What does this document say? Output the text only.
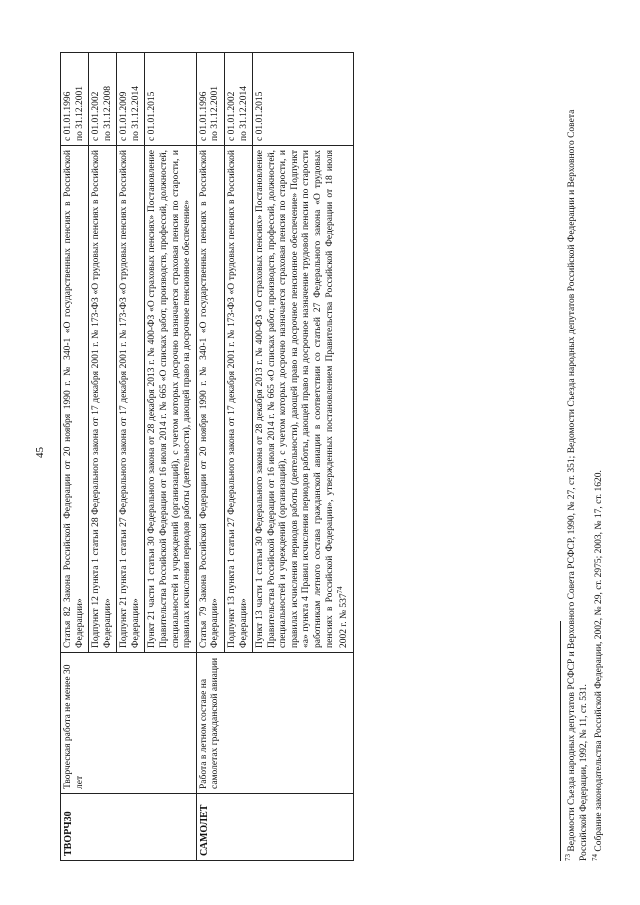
45
ТВОРЧ30	Творческая работа не менее 30 лет	Статья 82 Закона Российской Федерации от 20 ноября 1990 г. № 340-1 «О государственных пенсиях в Российской Федерации»	с 01.01.1996 по 31.12.2001

		Подпункт 12 пункта 1 статьи 28 Федерального закона от 17 декабря 2001 г. № 173-ФЗ «О трудовых пенсиях в Российской Федерации»	с 01.01.2002 по 31.12.2008

		Подпункт 21 пункта 1 статьи 27 Федерального закона от 17 декабря 2001 г. № 173-ФЗ «О трудовых пенсиях в Российской Федерации»	с 01.01.2009 по 31.12.2014

		Пункт 21 части 1 статьи 30 Федерального закона от 28 декабря 2013 г. № 400-ФЗ «О страховых пенсиях» Постановление Правительства Российской Федерации от 16 июля 2014 г. № 665 «О списках работ, производств, профессий, должностей, специальностей и учреждений (организаций), с учетом которых досрочно назначается страховая пенсия по старости, и правилах исчисления периодов работы (деятельности), дающей право на досрочное пенсионное обеспечение»	с 01.01.2015

САМОЛЕТ	Работа в летном составе на самолетах гражданской авиации	Статья 79 Закона Российской Федерации от 20 ноября 1990 г. № 340-1 «О государственных пенсиях в Российской Федерации»	с 01.01.1996 по 31.12.2001

		Подпункт 13 пункта 1 статьи 27 Федерального закона от 17 декабря 2001 г. № 173-ФЗ «О трудовых пенсиях в Российской Федерации»	с 01.01.2002 по 31.12.2014

		Пункт 13 части 1 статьи 30 Федерального закона от 28 декабря 2013 г. № 400-ФЗ «О страховых пенсиях» Постановление Правительства Российской Федерации от 16 июля 2014 г. № 665 «О списках работ, производств, профессий, должностей, специальностей и учреждений (организаций), с учетом которых досрочно назначается страховая пенсия по старости, и правилах исчисления периодов работы (деятельности), дающей право на досрочное пенсионное обеспечение» Подпункт «а» пункта 4 Правил исчисления периодов работы, дающей право на досрочное назначение трудовой пенсии по старости работникам летного состава гражданской авиации в соответствии со статьей 27 Федерального закона «О трудовых пенсиях в Российской Федерации», утвержденных постановлением Правительства Российской Федерации от 18 июля 2002 г. № $537^{74}$	с 01.01.2015

$^{73}$ Ведомости Съезда народных депутатов РСФСР и Верховного Совета РСФСР, 1990, № 27, ст. 351; Ведомости Съезда народных депутатов Российской Федерации и Верховного Совета Российской Федерации, 1992, № 11, ст. 531. $^{74}$ Собрание законодательства Российской Федерации, 2002, № 29, ст. 2975; 2003, № 17, ст. 1620.
